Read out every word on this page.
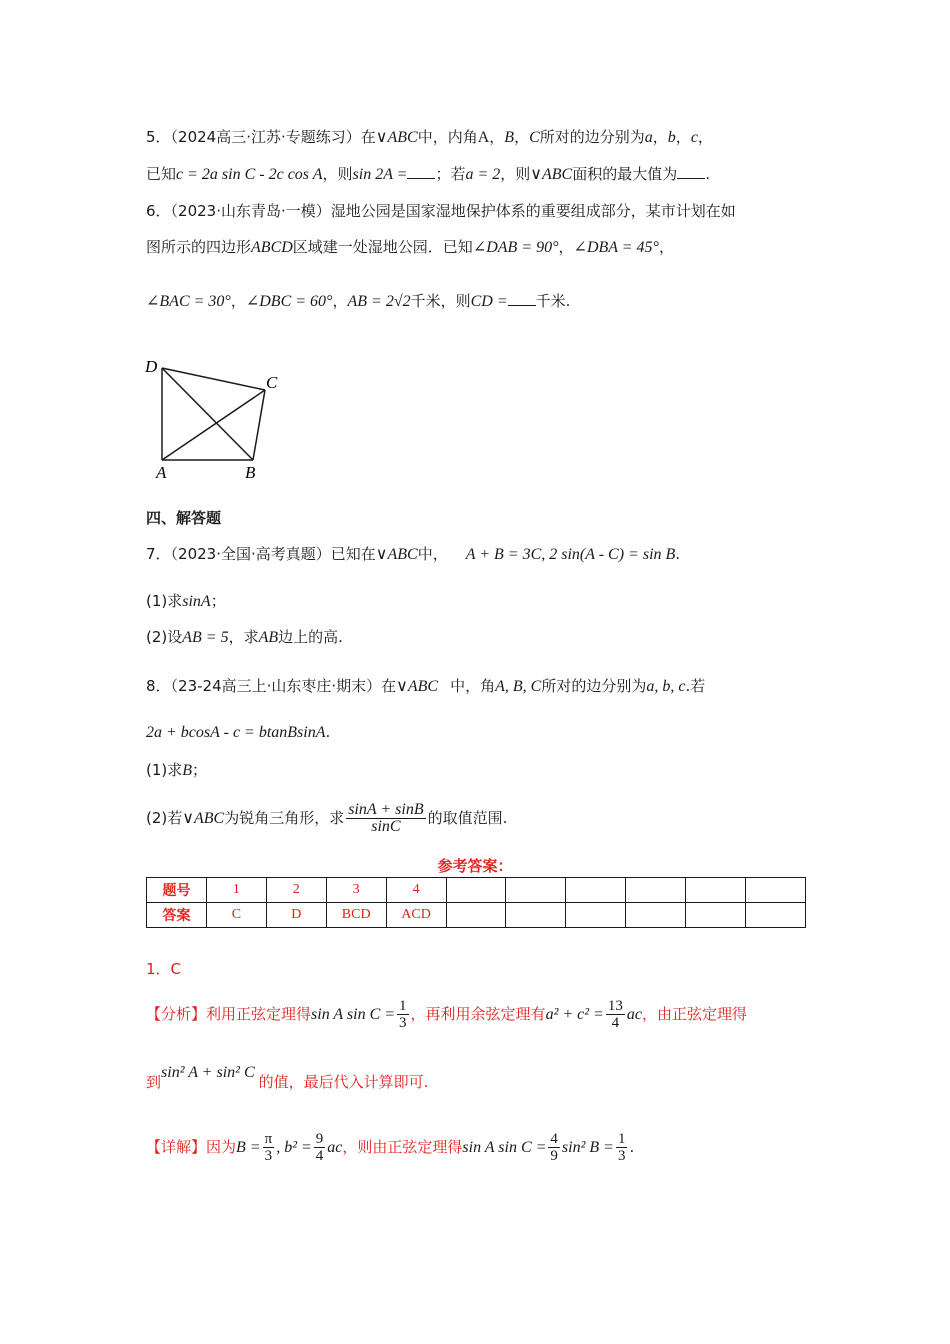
5．（2024高三·江苏·专题练习）在∨ABC中，内角A，B，C所对的边分别为a，b，c，
已知c = 2a sin C - 2c cos A，则sin 2A = ；若a = 2，则∨ABC面积的最大值为 .
6．（2023·山东青岛·一模）湿地公园是国家湿地保护体系的重要组成部分，某市计划在如
图所示的四边形ABCD区域建一处湿地公园．已知∠DAB = 90°，∠DBA = 45°，
∠BAC = 30°，∠DBC = 60°，AB = 2√2千米，则CD = 千米.
D
C
A	B
四、解答题
7．（2023·全国·高考真题）已知在∨ABC中， A + B = 3C, 2 sin(A - C) = sin B.
(1)求sinA；
(2)设AB = 5，求AB边上的高.
8．（23-24高三上·山东枣庄·期末）在∨ABC 中，角A, B, C所对的边分别为a, b, c.若
2a + bcosA - c = btanBsinA.
(1)求B；
(2)若∨ABC为锐角三角形，求 $\frac{\sin A + \sin B}{\sin C}$ 的取值范围.
参考答案：
题号	1	2	3	4						
答案	C	D	BCD	ACD						
1．C
【分析】利用正弦定理得sin A $\sin C = \frac{1}{3}$ ，再利用余弦定理有$a^2 + c^2 = \frac{13}{4}$ ac，由正弦定理得
到sin² A + sin² C的值，最后代入计算即可.
【详解】因为$B = \frac{\pi}{3}$ , $b^2 = \frac{9}{4}$ ac，则由正弦定理得sin A $\sin C = \frac{4}{9} \sin^2$ $B = \frac{1}{3}$ .
